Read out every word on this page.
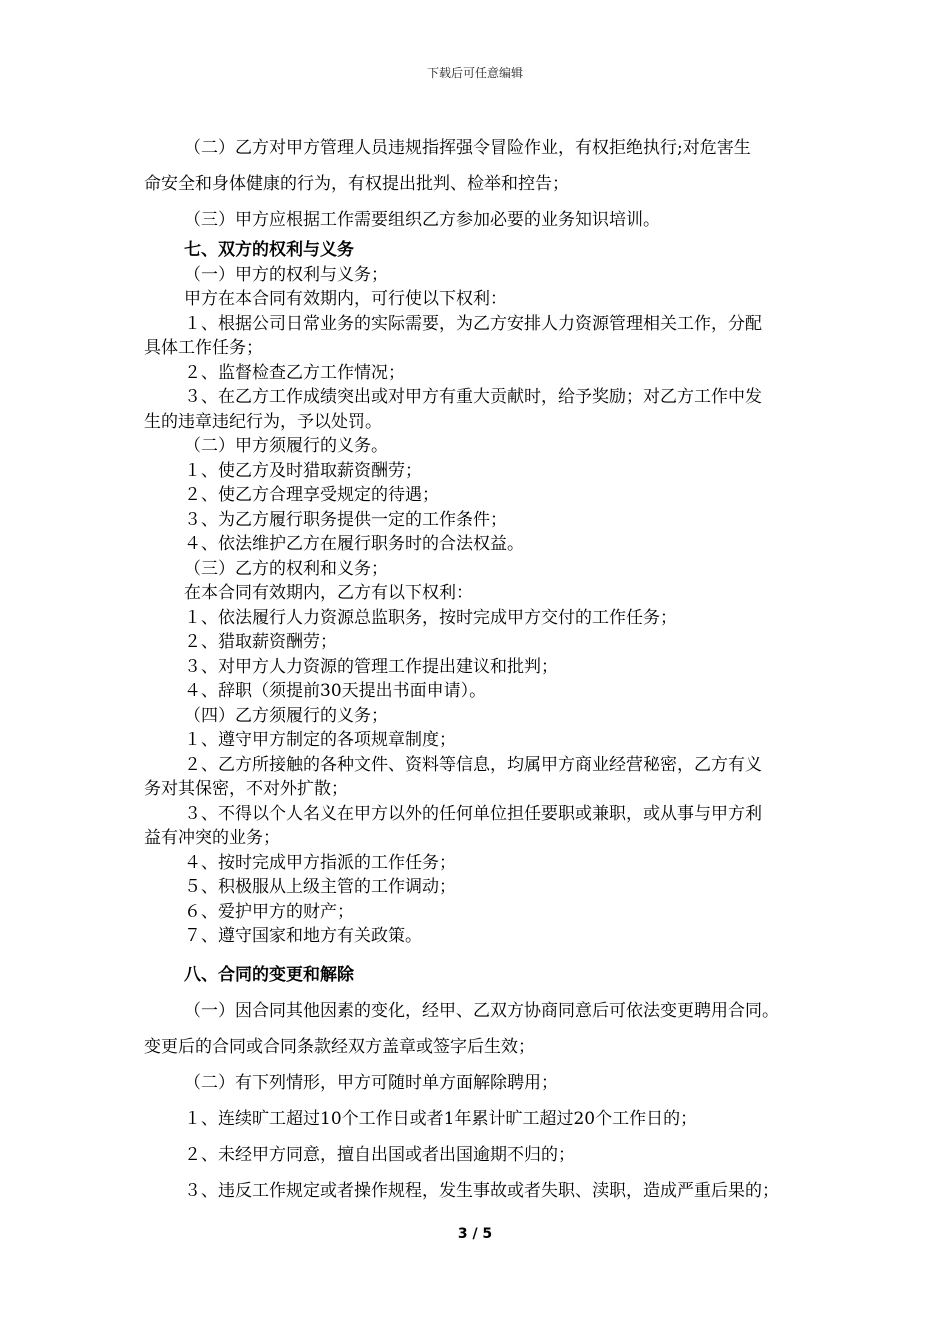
下载后可任意编辑

（二）乙方对甲方管理人员违规指挥强令冒险作业，有权拒绝执行;对危害生

命安全和身体健康的行为，有权提出批判、检举和控告；

（三）甲方应根据工作需要组织乙方参加必要的业务知识培训。

七、双方的权利与义务

（一）甲方的权利与义务；

甲方在本合同有效期内，可行使以下权利：

１、根据公司日常业务的实际需要，为乙方安排人力资源管理相关工作，分配

具体工作任务；

２、监督检查乙方工作情况；

３、在乙方工作成绩突出或对甲方有重大贡献时，给予奖励；对乙方工作中发

生的违章违纪行为，予以处罚。

（二）甲方须履行的义务。

１、使乙方及时猎取薪资酬劳；

２、使乙方合理享受规定的待遇；

３、为乙方履行职务提供一定的工作条件；

４、依法维护乙方在履行职务时的合法权益。

（三）乙方的权利和义务；

在本合同有效期内，乙方有以下权利：

１、依法履行人力资源总监职务，按时完成甲方交付的工作任务；

２、猎取薪资酬劳；

３、对甲方人力资源的管理工作提出建议和批判；

４、辞职（须提前30天提出书面申请）。

（四）乙方须履行的义务；

１、遵守甲方制定的各项规章制度；

２、乙方所接触的各种文件、资料等信息，均属甲方商业经营秘密，乙方有义

务对其保密，不对外扩散；

３、不得以个人名义在甲方以外的任何单位担任要职或兼职，或从事与甲方利

益有冲突的业务；

４、按时完成甲方指派的工作任务；

５、积极服从上级主管的工作调动；

６、爱护甲方的财产；

７、遵守国家和地方有关政策。

八、合同的变更和解除

（一）因合同其他因素的变化，经甲、乙双方协商同意后可依法变更聘用合同。

变更后的合同或合同条款经双方盖章或签字后生效；

（二）有下列情形，甲方可随时单方面解除聘用；

１、连续旷工超过10个工作日或者1年累计旷工超过20个工作日的；

２、未经甲方同意，擅自出国或者出国逾期不归的；

３、违反工作规定或者操作规程，发生事故或者失职、渎职，造成严重后果的；

3 / 5
